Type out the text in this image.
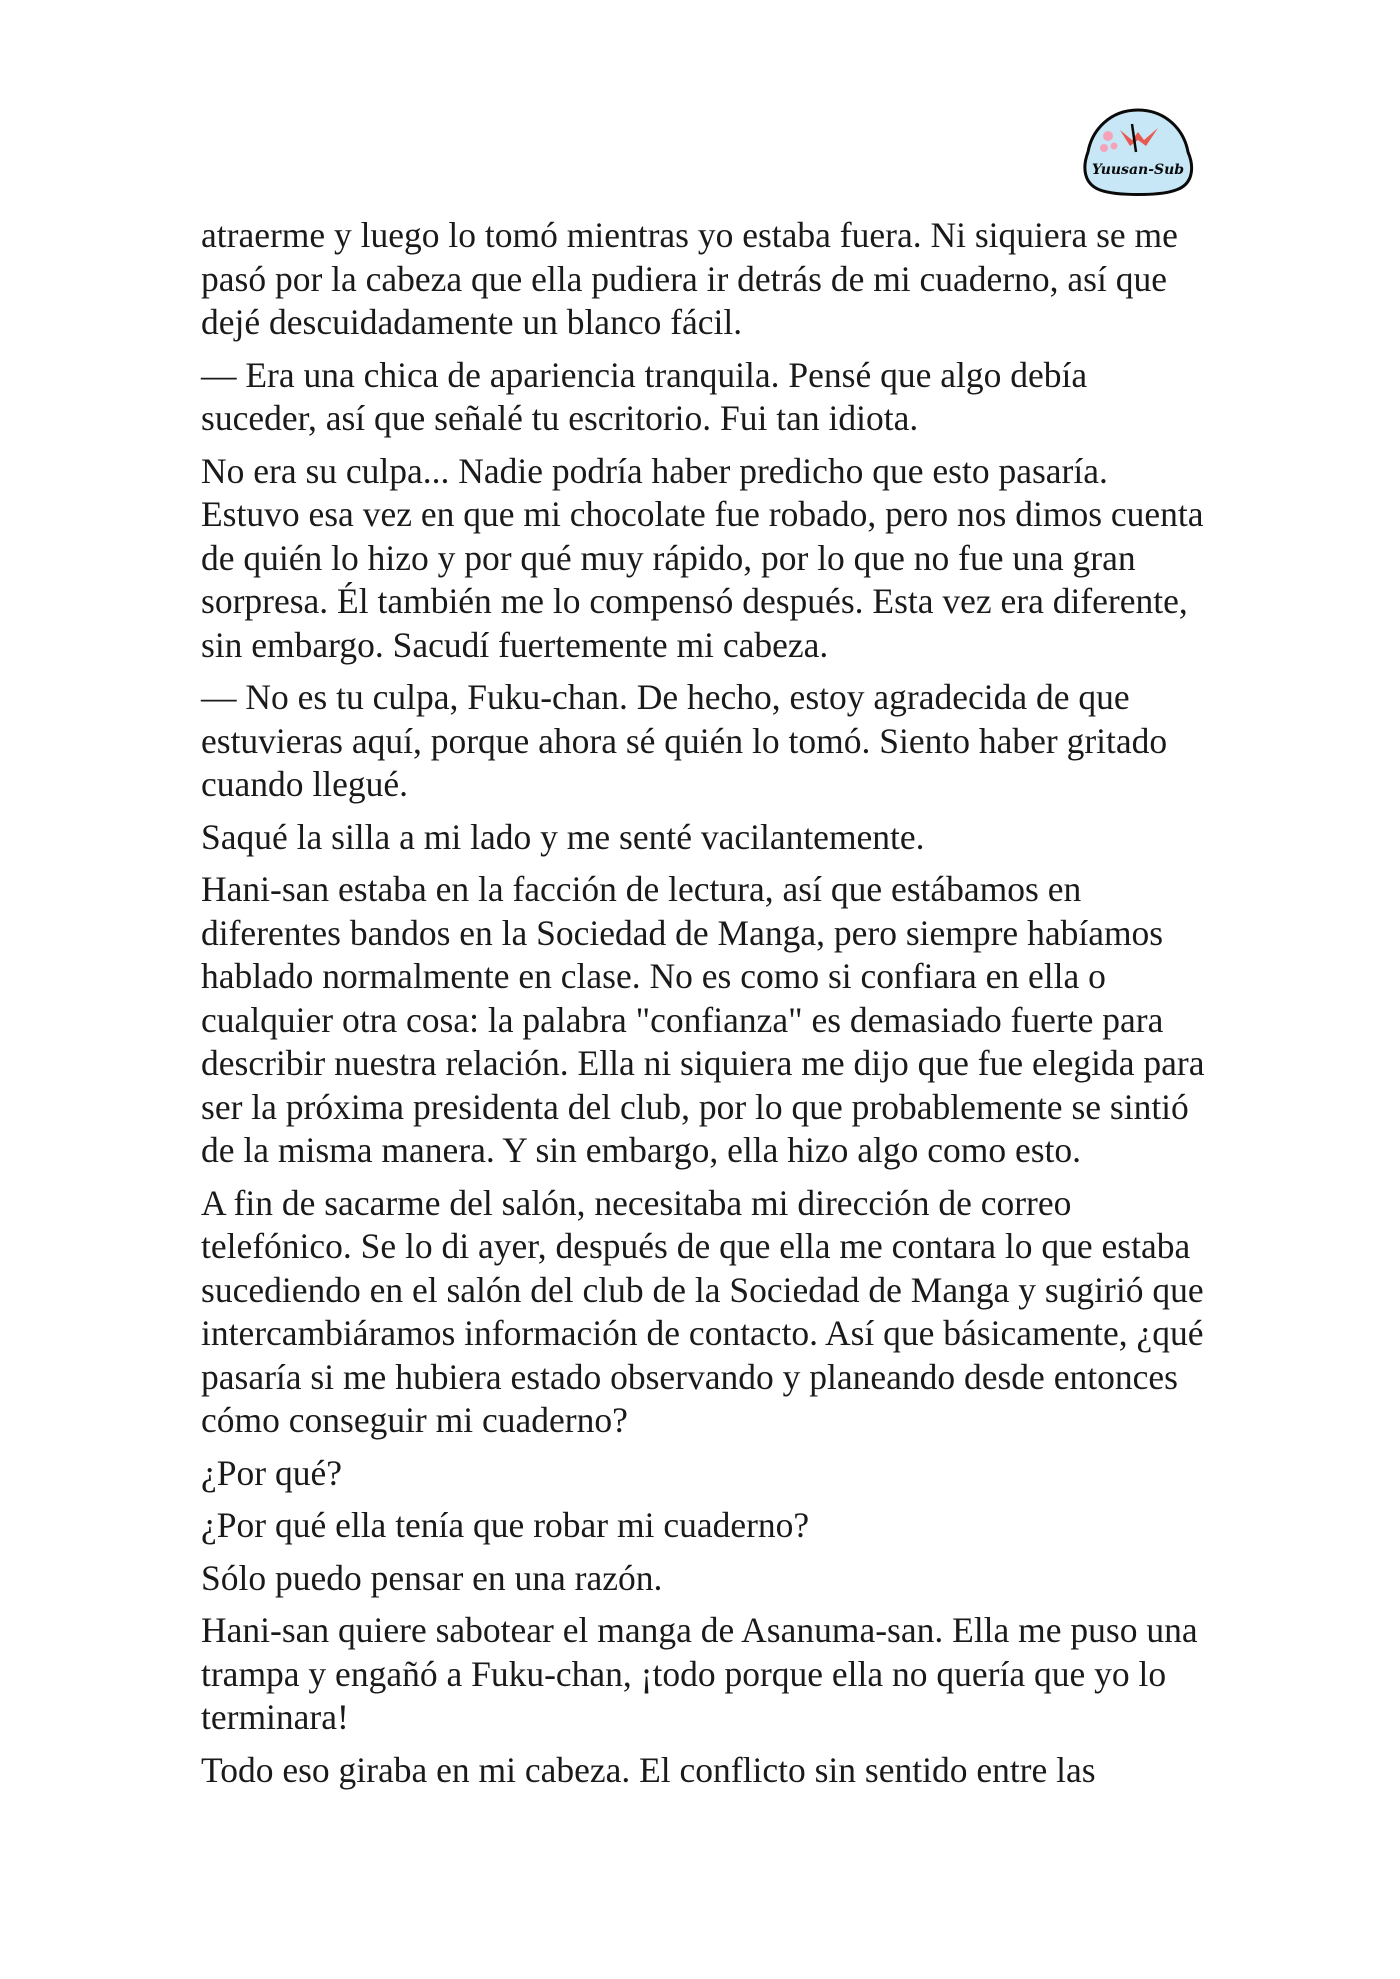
Yuusan-Sub

atraerme y luego lo tomó mientras yo estaba fuera. Ni siquiera se me pasó por la cabeza que ella pudiera ir detrás de mi cuaderno, así que dejé descuidadamente un blanco fácil.

— Era una chica de apariencia tranquila. Pensé que algo debía suceder, así que señalé tu escritorio. Fui tan idiota.

No era su culpa... Nadie podría haber predicho que esto pasaría. Estuvo esa vez en que mi chocolate fue robado, pero nos dimos cuenta de quién lo hizo y por qué muy rápido, por lo que no fue una gran sorpresa. Él también me lo compensó después. Esta vez era diferente, sin embargo. Sacudí fuertemente mi cabeza.

— No es tu culpa, Fuku-chan. De hecho, estoy agradecida de que estuvieras aquí, porque ahora sé quién lo tomó. Siento haber gritado cuando llegué.

Saqué la silla a mi lado y me senté vacilantemente.

Hani-san estaba en la facción de lectura, así que estábamos en diferentes bandos en la Sociedad de Manga, pero siempre habíamos hablado normalmente en clase. No es como si confiara en ella o cualquier otra cosa: la palabra "confianza" es demasiado fuerte para describir nuestra relación. Ella ni siquiera me dijo que fue elegida para ser la próxima presidenta del club, por lo que probablemente se sintió de la misma manera. Y sin embargo, ella hizo algo como esto.

A fin de sacarme del salón, necesitaba mi dirección de correo telefónico. Se lo di ayer, después de que ella me contara lo que estaba sucediendo en el salón del club de la Sociedad de Manga y sugirió que intercambiáramos información de contacto. Así que básicamente, ¿qué pasaría si me hubiera estado observando y planeando desde entonces cómo conseguir mi cuaderno?

¿Por qué?

¿Por qué ella tenía que robar mi cuaderno?

Sólo puedo pensar en una razón.

Hani-san quiere sabotear el manga de Asanuma-san. Ella me puso una trampa y engañó a Fuku-chan, ¡todo porque ella no quería que yo lo terminara!

Todo eso giraba en mi cabeza. El conflicto sin sentido entre las
